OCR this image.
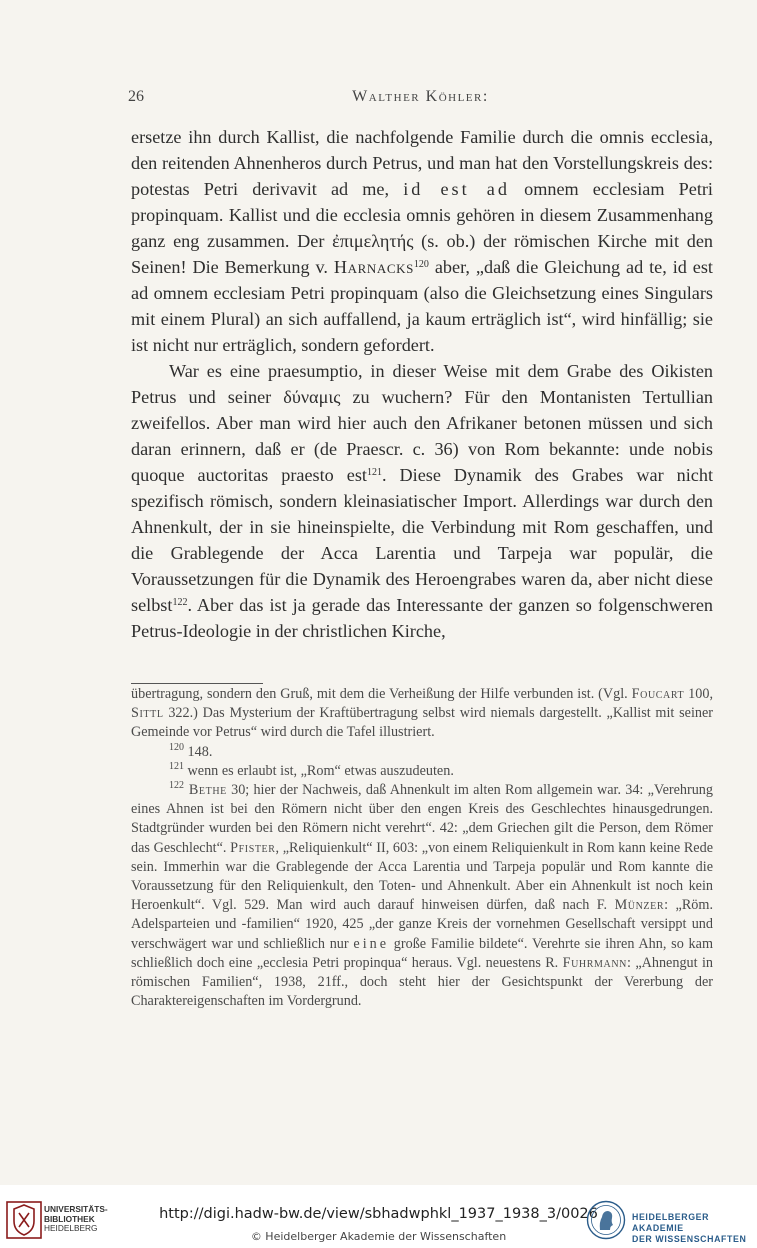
26	Walther Köhler:

ersetze ihn durch Kallist, die nachfolgende Familie durch die omnis ecclesia, den reitenden Ahnenheros durch Petrus, und man hat den Vorstellungskreis des: potestas Petri derivavit ad me, id est ad omnem ecclesiam Petri propinquam. Kallist und die ecclesia omnis gehören in diesem Zusammenhang ganz eng zusammen. Der ἐπιμελητής (s. ob.) der römischen Kirche mit den Seinen! Die Bemerkung v. Harnacks$^{120}$ aber, „daß die Gleichung ad te, id est ad omnem ecclesiam Petri propinquam (also die Gleichsetzung eines Singulars mit einem Plural) an sich auffallend, ja kaum erträglich ist“, wird hinfällig; sie ist nicht nur erträglich, sondern gefordert.

War es eine praesumptio, in dieser Weise mit dem Grabe des Oikisten Petrus und seiner δύναμις zu wuchern? Für den Montanisten Tertullian zweifellos. Aber man wird hier auch den Afrikaner betonen müssen und sich daran erinnern, daß er (de Praescr. c. 36) von Rom bekannte: unde nobis quoque auctoritas praesto est$^{121}$. Diese Dynamik des Grabes war nicht spezifisch römisch, sondern kleinasiatischer Import. Allerdings war durch den Ahnenkult, der in sie hineinspielte, die Verbindung mit Rom geschaffen, und die Grablegende der Acca Larentia und Tarpeja war populär, die Voraussetzungen für die Dynamik des Heroengrabes waren da, aber nicht diese selbst$^{122}$. Aber das ist ja gerade das Interessante der ganzen so folgenschweren Petrus-Ideologie in der christlichen Kirche,

übertragung, sondern den Gruß, mit dem die Verheißung der Hilfe verbunden ist. (Vgl. Foucart 100, Sittl 322.) Das Mysterium der Kraftübertragung selbst wird niemals dargestellt. „Kallist mit seiner Gemeinde vor Petrus“ wird durch die Tafel illustriert.

$^{120}$ 148.

$^{121}$ wenn es erlaubt ist, „Rom“ etwas auszudeuten.

$^{122}$ Bethe 30; hier der Nachweis, daß Ahnenkult im alten Rom allgemein war. 34: „Verehrung eines Ahnen ist bei den Römern nicht über den engen Kreis des Geschlechtes hinausgedrungen. Stadtgründer wurden bei den Römern nicht verehrt“. 42: „dem Griechen gilt die Person, dem Römer das Geschlecht“. Pfister, „Reliquienkult“ II, 603: „von einem Reliquienkult in Rom kann keine Rede sein. Immerhin war die Grablegende der Acca Larentia und Tarpeja populär und Rom kannte die Voraussetzung für den Reliquienkult, den Toten- und Ahnenkult. Aber ein Ahnenkult ist noch kein Heroenkult“. Vgl. 529. Man wird auch darauf hinweisen dürfen, daß nach F. Münzer: „Röm. Adelsparteien und -familien“ 1920, 425 „der ganze Kreis der vornehmen Gesellschaft versippt und verschwägert war und schließlich nur eine große Familie bildete“. Verehrte sie ihren Ahn, so kam schließlich doch eine „ecclesia Petri propinqua“ heraus. Vgl. neuestens R. Fuhrmann: „Ahnengut in römischen Familien“, 1938, 21ff., doch steht hier der Gesichtspunkt der Vererbung der Charaktereigenschaften im Vordergrund.

UNIVERSITÄTS-
BIBLIOTHEK
HEIDELBERG
http://digi.hadw-bw.de/view/sbhadwphkl_1937_1938_3/0026
© Heidelberger Akademie der Wissenschaften
HEIDELBERGER AKADEMIE
DER WISSENSCHAFTEN
